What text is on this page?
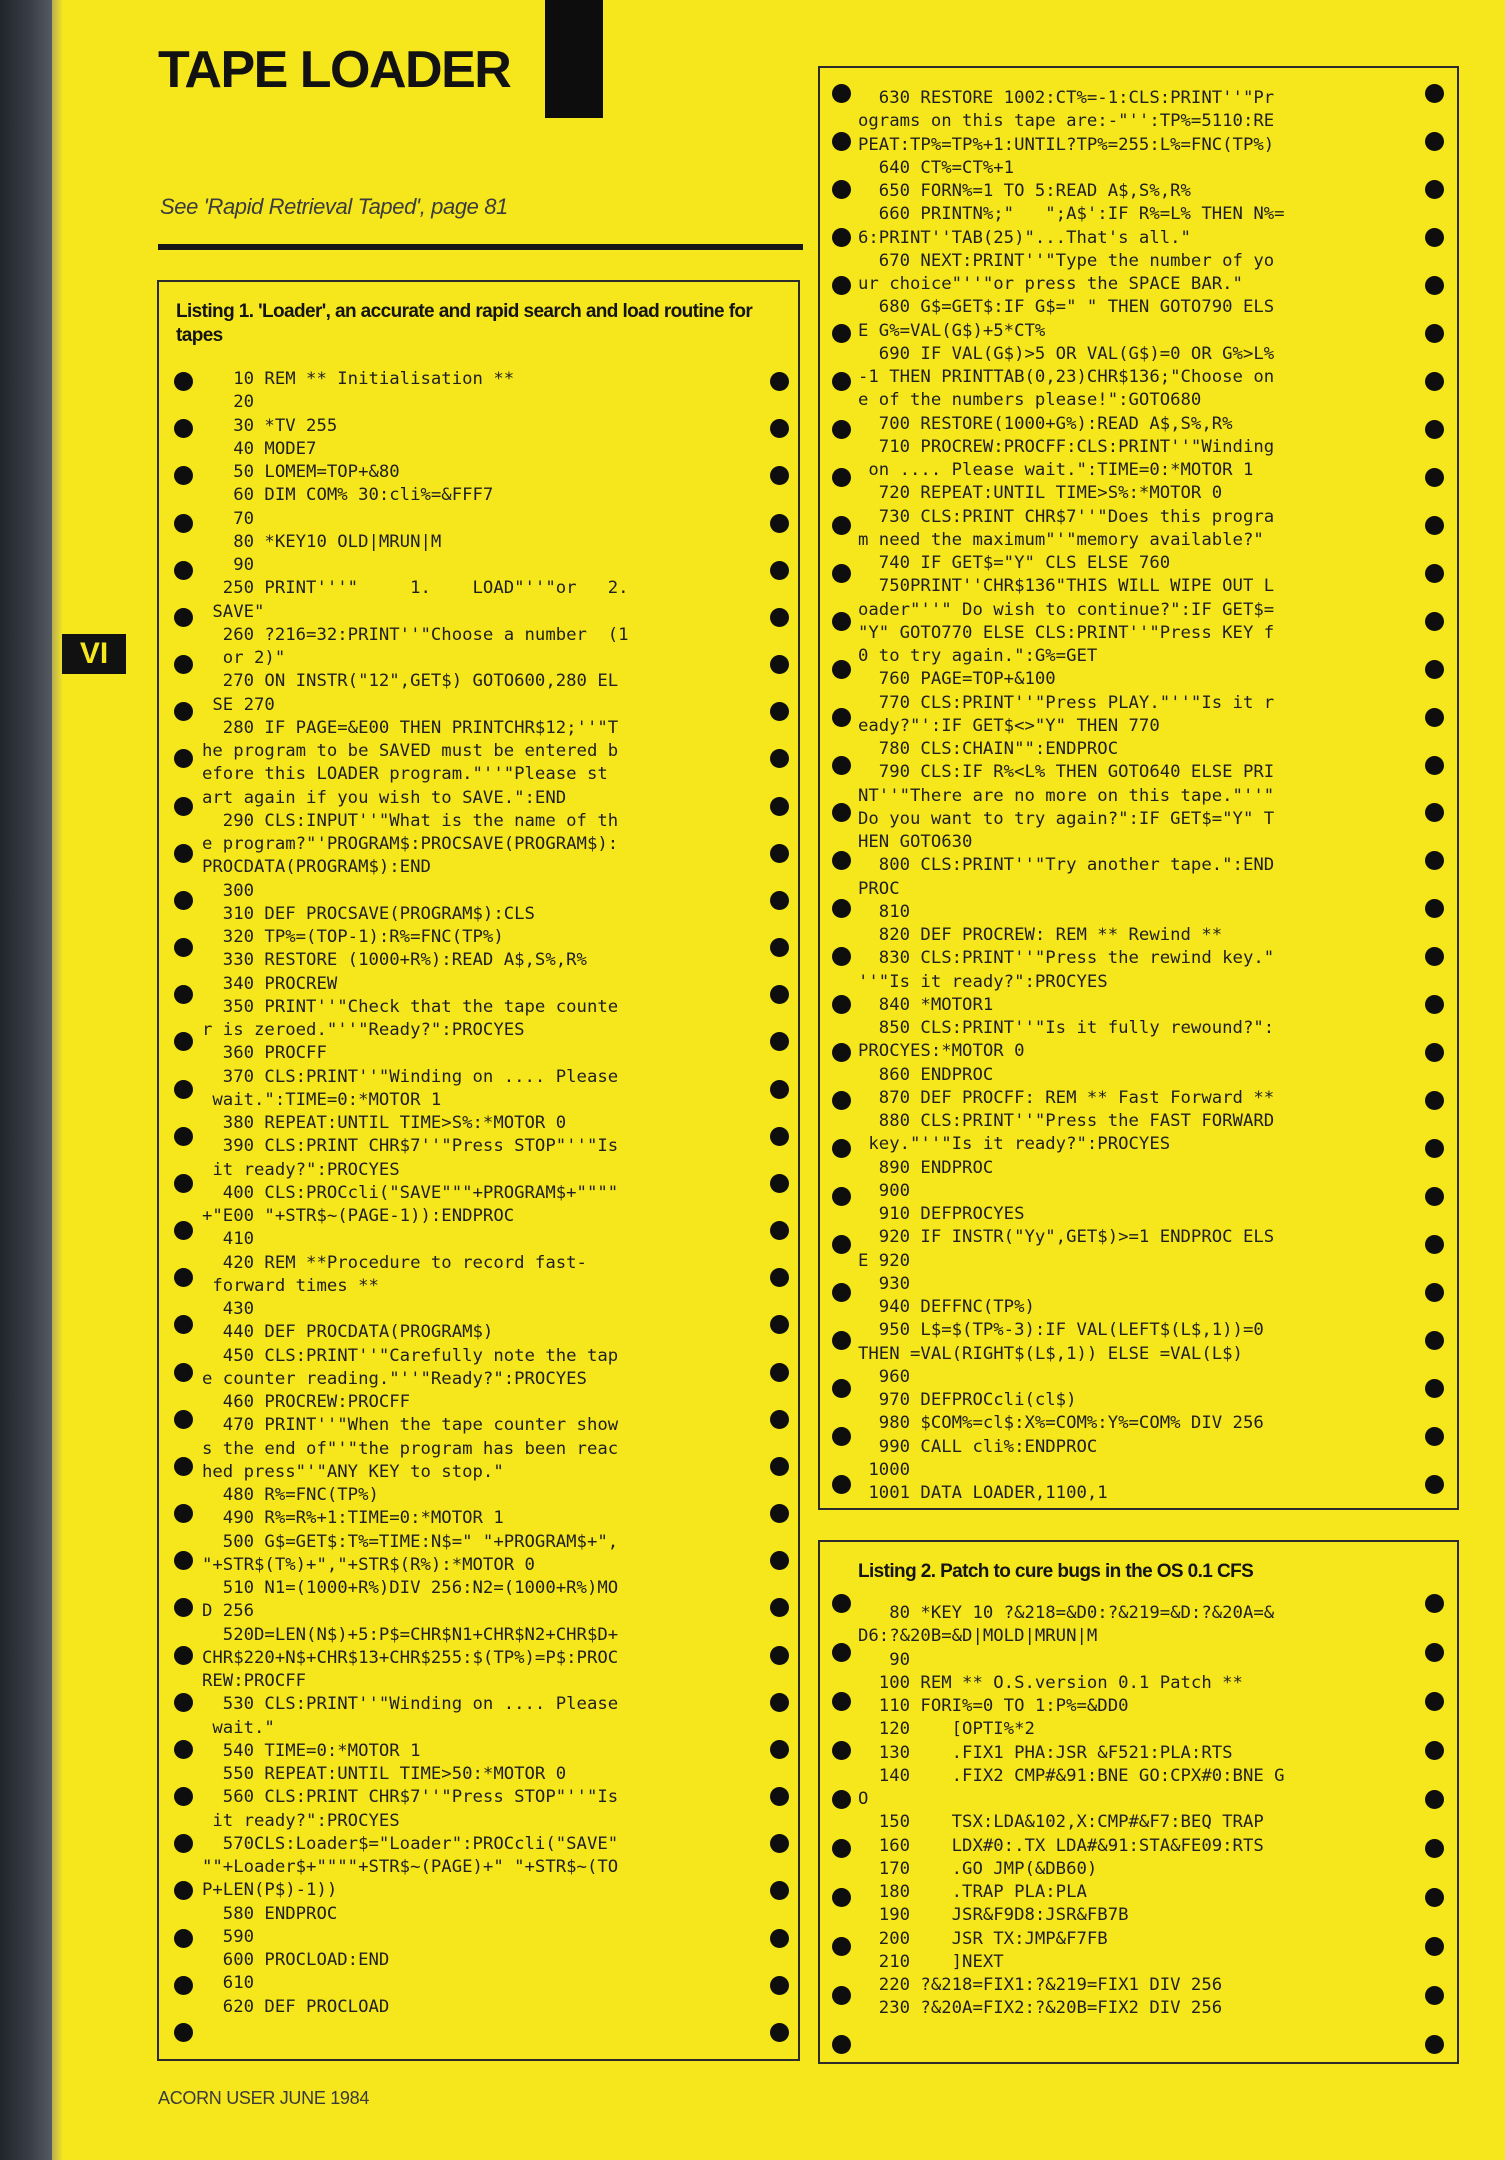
VI
TAPE LOADER
See 'Rapid Retrieval Taped', page 81
Listing 1. 'Loader', an accurate and rapid search and load routine for tapes
10 REM ** Initialisation **
20
30 *TV 255
40 MODE7
50 LOMEM=TOP+&80
60 DIM COM% 30:cli%=&FFF7
70
80 *KEY10 OLD|MRUN|M
90
250 PRINT'''"     1.    LOAD"''"or   2.
SAVE"
260 ?216=32:PRINT''"Choose a number  (1
or 2)"
270 ON INSTR("12",GET$) GOTO600,280 EL
SE 270
280 IF PAGE=&E00 THEN PRINTCHR$12;''"T
he program to be SAVED must be entered b
efore this LOADER program."''"Please st
art again if you wish to SAVE.":END
290 CLS:INPUT''"What is the name of th
e program?"'PROGRAM$:PROCSAVE(PROGRAM$):
PROCDATA(PROGRAM$):END
300
310 DEF PROCSAVE(PROGRAM$):CLS
320 TP%=(TOP-1):R%=FNC(TP%)
330 RESTORE (1000+R%):READ A$,S%,R%
340 PROCREW
350 PRINT''"Check that the tape counte
r is zeroed."''"Ready?":PROCYES
360 PROCFF
370 CLS:PRINT''"Winding on .... Please
wait.":TIME=0:*MOTOR 1
380 REPEAT:UNTIL TIME>S%:*MOTOR 0
390 CLS:PRINT CHR$7''"Press STOP"''"Is
it ready?":PROCYES
400 CLS:PROCcli("SAVE"""+PROGRAM$+""""
+"E00 "+STR$~(PAGE-1)):ENDPROC
410
420 REM **Procedure to record fast-
forward times **
430
440 DEF PROCDATA(PROGRAM$)
450 CLS:PRINT''"Carefully note the tap
e counter reading."''"Ready?":PROCYES
460 PROCREW:PROCFF
470 PRINT''"When the tape counter show
s the end of"'"the program has been reac
hed press"'"ANY KEY to stop."
480 R%=FNC(TP%)
490 R%=R%+1:TIME=0:*MOTOR 1
500 G$=GET$:T%=TIME:N$=" "+PROGRAM$+",
"+STR$(T%)+","+STR$(R%):*MOTOR 0
510 N1=(1000+R%)DIV 256:N2=(1000+R%)MO
D 256
520D=LEN(N$)+5:P$=CHR$N1+CHR$N2+CHR$D+
CHR$220+N$+CHR$13+CHR$255:$(TP%)=P$:PROC
REW:PROCFF
530 CLS:PRINT''"Winding on .... Please
wait."
540 TIME=0:*MOTOR 1
550 REPEAT:UNTIL TIME>50:*MOTOR 0
560 CLS:PRINT CHR$7''"Press STOP"''"Is
it ready?":PROCYES
570CLS:Loader$="Loader":PROCcli("SAVE"
""+Loader$+""""+STR$~(PAGE)+" "+STR$~(TO
P+LEN(P$)-1))
580 ENDPROC
590
600 PROCLOAD:END
610
620 DEF PROCLOAD
630 RESTORE 1002:CT%=-1:CLS:PRINT''"Pr
ograms on this tape are:-"'':TP%=5110:RE
PEAT:TP%=TP%+1:UNTIL?TP%=255:L%=FNC(TP%)
640 CT%=CT%+1
650 FORN%=1 TO 5:READ A$,S%,R%
660 PRINTN%;"   ";A$':IF R%=L% THEN N%=
6:PRINT''TAB(25)"...That's all."
670 NEXT:PRINT''"Type the number of yo
ur choice"''"or press the SPACE BAR."
680 G$=GET$:IF G$=" " THEN GOTO790 ELS
E G%=VAL(G$)+5*CT%
690 IF VAL(G$)>5 OR VAL(G$)=0 OR G%>L%
-1 THEN PRINTTAB(0,23)CHR$136;"Choose on
e of the numbers please!":GOTO680
700 RESTORE(1000+G%):READ A$,S%,R%
710 PROCREW:PROCFF:CLS:PRINT''"Winding
on .... Please wait.":TIME=0:*MOTOR 1
720 REPEAT:UNTIL TIME>S%:*MOTOR 0
730 CLS:PRINT CHR$7''"Does this progra
m need the maximum"'"memory available?"
740 IF GET$="Y" CLS ELSE 760
750PRINT''CHR$136"THIS WILL WIPE OUT L
oader"''" Do wish to continue?":IF GET$=
"Y" GOTO770 ELSE CLS:PRINT''"Press KEY f
0 to try again.":G%=GET
760 PAGE=TOP+&100
770 CLS:PRINT''"Press PLAY."''"Is it r
eady?"':IF GET$<>"Y" THEN 770
780 CLS:CHAIN"":ENDPROC
790 CLS:IF R%<L% THEN GOTO640 ELSE PRI
NT''"There are no more on this tape."''"
Do you want to try again?":IF GET$="Y" T
HEN GOTO630
800 CLS:PRINT''"Try another tape.":END
PROC
810
820 DEF PROCREW: REM ** Rewind **
830 CLS:PRINT''"Press the rewind key."
''"Is it ready?":PROCYES
840 *MOTOR1
850 CLS:PRINT''"Is it fully rewound?":
PROCYES:*MOTOR 0
860 ENDPROC
870 DEF PROCFF: REM ** Fast Forward **
880 CLS:PRINT''"Press the FAST FORWARD
key."''"Is it ready?":PROCYES
890 ENDPROC
900
910 DEFPROCYES
920 IF INSTR("Yy",GET$)>=1 ENDPROC ELS
E 920
930
940 DEFFNC(TP%)
950 L$=$(TP%-3):IF VAL(LEFT$(L$,1))=0
THEN =VAL(RIGHT$(L$,1)) ELSE =VAL(L$)
960
970 DEFPROCcli(cl$)
980 $COM%=cl$:X%=COM%:Y%=COM% DIV 256
990 CALL cli%:ENDPROC
1000
1001 DATA LOADER,1100,1
Listing 2. Patch to cure bugs in the OS 0.1 CFS
80 *KEY 10 ?&218=&D0:?&219=&D:?&20A=&
D6:?&20B=&D|MOLD|MRUN|M
90
100 REM ** O.S.version 0.1 Patch **
110 FORI%=0 TO 1:P%=&DD0
120    [OPTI%*2
130    .FIX1 PHA:JSR &F521:PLA:RTS
140    .FIX2 CMP#&91:BNE GO:CPX#0:BNE G
O
150    TSX:LDA&102,X:CMP#&F7:BEQ TRAP
160    LDX#0:.TX LDA#&91:STA&FE09:RTS
170    .GO JMP(&DB60)
180    .TRAP PLA:PLA
190    JSR&F9D8:JSR&FB7B
200    JSR TX:JMP&F7FB
210    ]NEXT
220 ?&218=FIX1:?&219=FIX1 DIV 256
230 ?&20A=FIX2:?&20B=FIX2 DIV 256
ACORN USER JUNE 1984
